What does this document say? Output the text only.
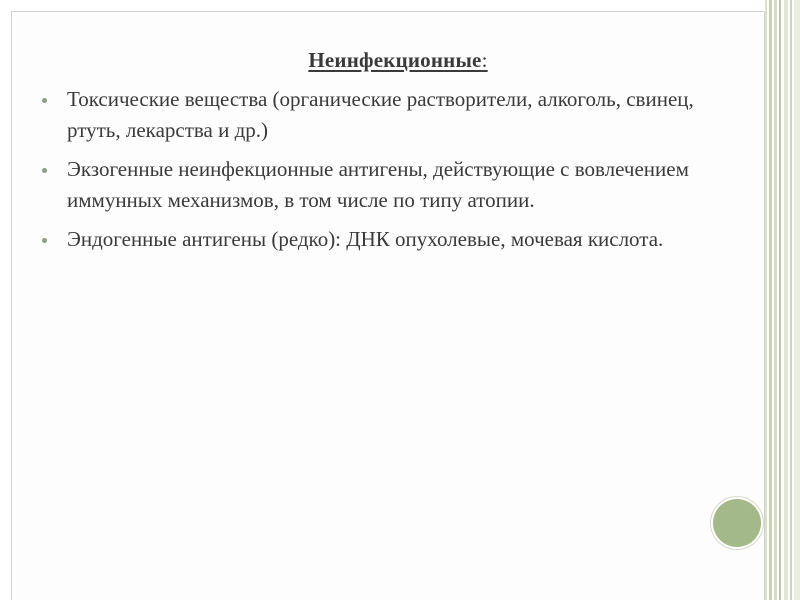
Неинфекционные:
Токсические вещества (органические растворители, алкоголь, свинец, ртуть, лекарства и др.)
Экзогенные неинфекционные антигены, действующие с вовлечением иммунных механизмов, в том числе по типу атопии.
Эндогенные антигены (редко): ДНК опухолевые, мочевая кислота.
